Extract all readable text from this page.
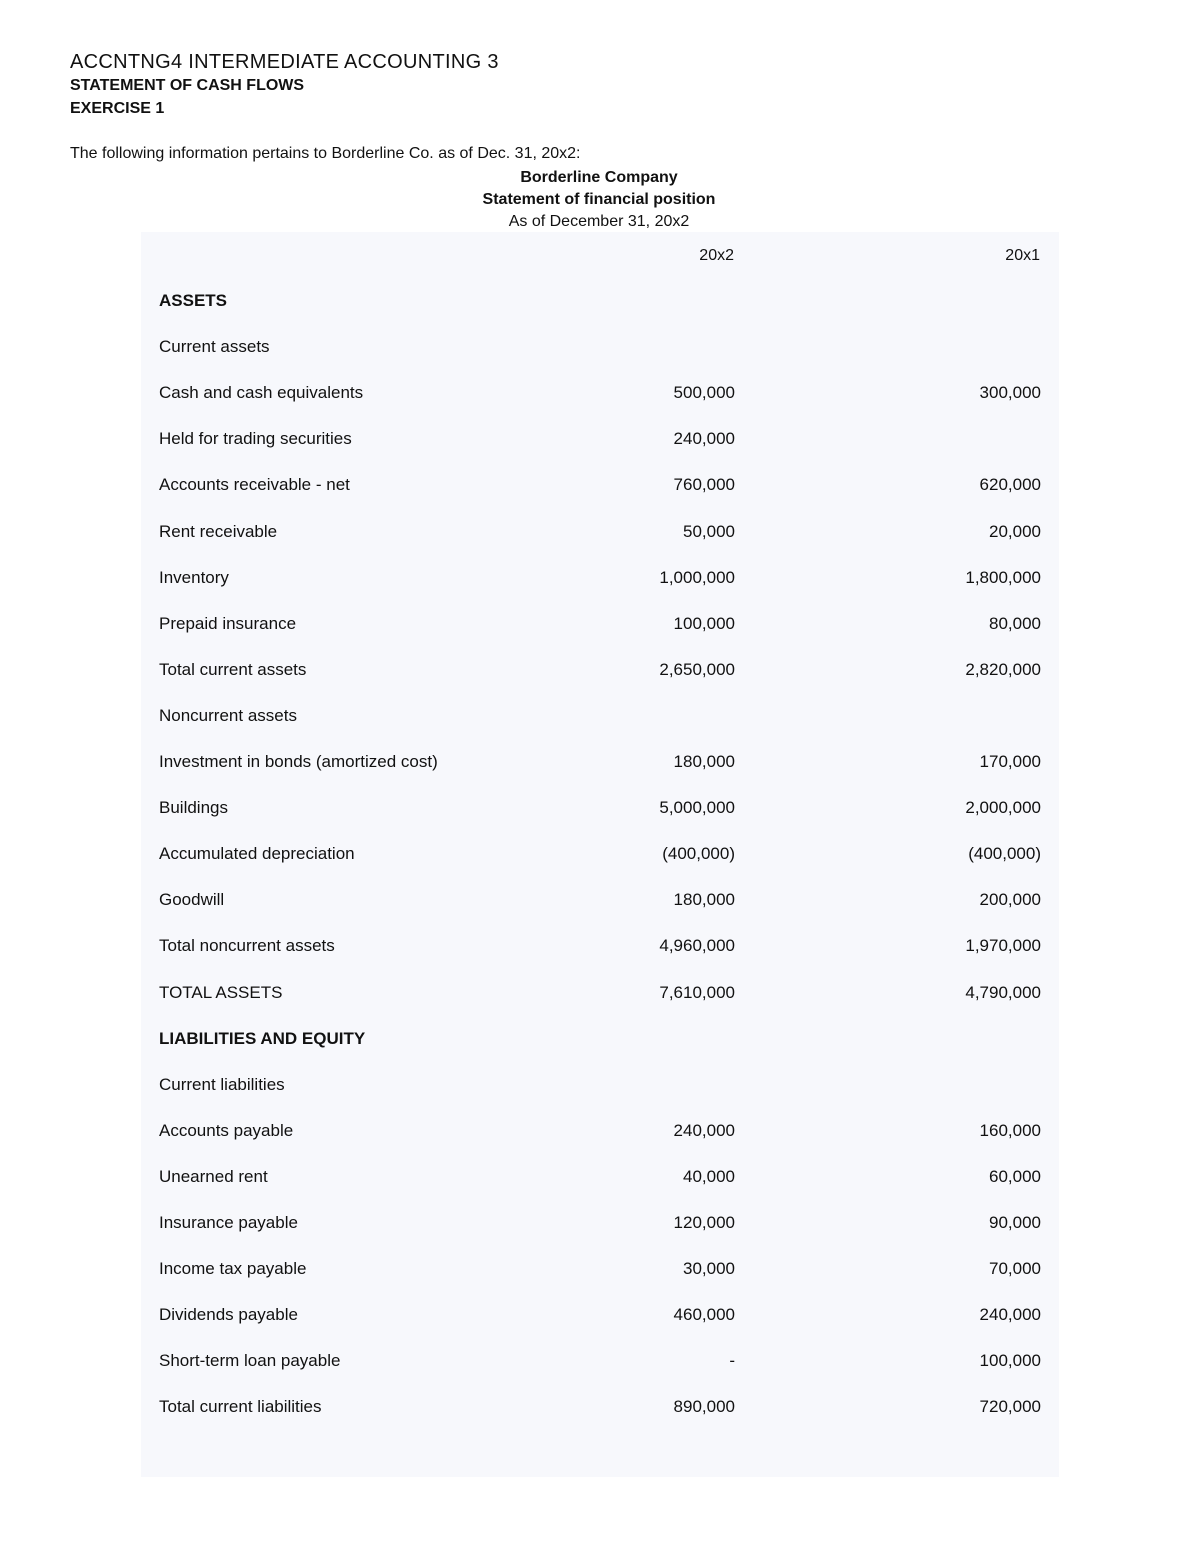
ACCNTNG4 INTERMEDIATE ACCOUNTING 3
STATEMENT OF CASH FLOWS
EXERCISE 1
The following information pertains to Borderline Co. as of Dec. 31, 20x2:
Borderline Company
Statement of financial position
As of December 31, 20x2
20x2	20x1
ASSETS
Current assets
Cash and cash equivalents	500,000	300,000
Held for trading securities	240,000
Accounts receivable - net	760,000	620,000
Rent receivable	50,000	20,000
Inventory	1,000,000	1,800,000
Prepaid insurance	100,000	80,000
Total current assets	2,650,000	2,820,000
Noncurrent assets
Investment in bonds (amortized cost)	180,000	170,000
Buildings	5,000,000	2,000,000
Accumulated depreciation	(400,000)	(400,000)
Goodwill	180,000	200,000
Total noncurrent assets	4,960,000	1,970,000
TOTAL ASSETS	7,610,000	4,790,000
LIABILITIES AND EQUITY
Current liabilities
Accounts payable	240,000	160,000
Unearned rent	40,000	60,000
Insurance payable	120,000	90,000
Income tax payable	30,000	70,000
Dividends payable	460,000	240,000
Short-term loan payable	-	100,000
Total current liabilities	890,000	720,000
